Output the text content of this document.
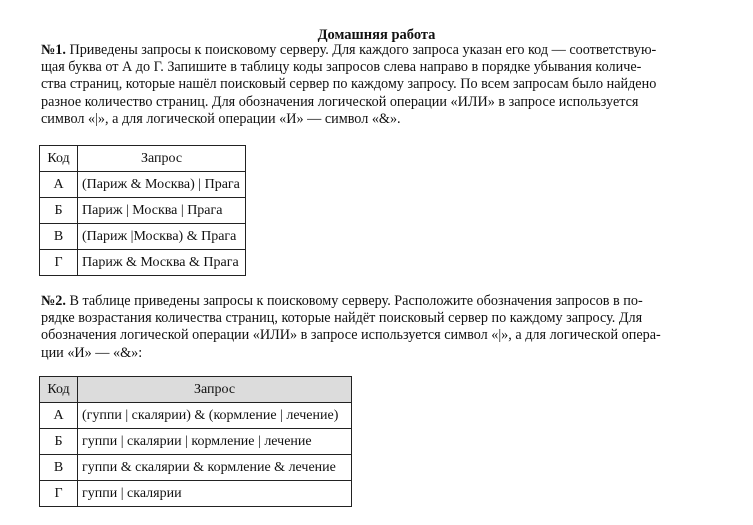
Домашняя работа
№1. Приведены запросы к поисковому серверу. Для каждого запроса указан его код — соответствую-
щая буква от А до Г. Запишите в таблицу коды запросов слева направо в порядке убывания количе-
ства страниц, которые нашёл поисковый сервер по каждому запросу. По всем запросам было найдено
разное количество страниц. Для обозначения логической операции «ИЛИ» в запросе используется
символ «|», а для логической операции «И» — символ «&».
Код	Запрос
А	(Париж & Москва) | Прага
Б	Париж | Москва | Прага
В	(Париж |Москва) & Прага
Г	Париж & Москва & Прага
№2. В таблице приведены запросы к поисковому серверу. Расположите обозначения запросов в по-
рядке возрастания количества страниц, которые найдёт поисковый сервер по каждому запросу. Для
обозначения логической операции «ИЛИ» в запросе используется символ «|», а для логической опера-
ции «И» — «&»:
Код	Запрос
А	(гуппи | скалярии) & (кормление | лечение)
Б	гуппи | скалярии | кормление | лечение
В	гуппи & скалярии & кормление & лечение
Г	гуппи | скалярии
